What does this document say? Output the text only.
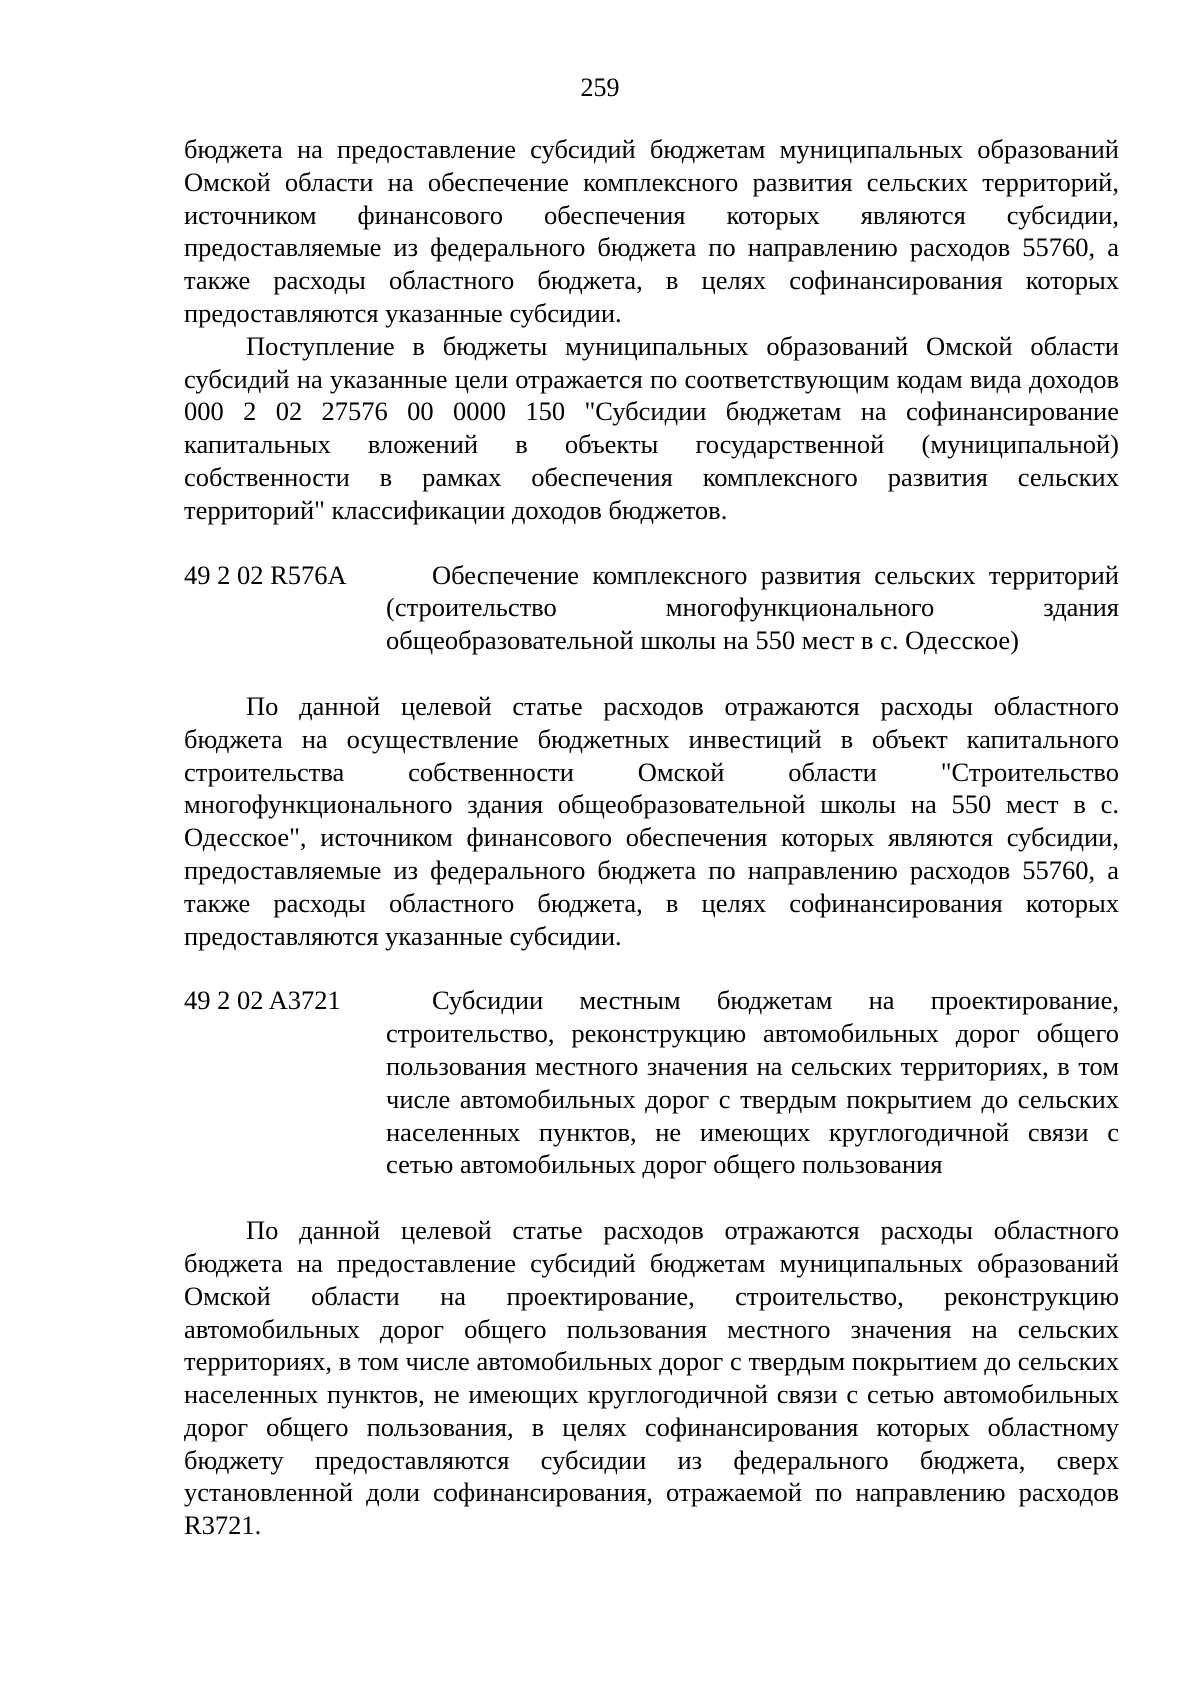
259

бюджета на предоставление субсидий бюджетам муниципальных образований Омской области на обеспечение комплексного развития сельских территорий, источником финансового обеспечения которых являются субсидии, предоставляемые из федерального бюджета по направлению расходов 55760, а также расходы областного бюджета, в целях софинансирования которых предоставляются указанные субсидии.

Поступление в бюджеты муниципальных образований Омской области субсидий на указанные цели отражается по соответствующим кодам вида доходов 000 2 02 27576 00 0000 150 "Субсидии бюджетам на софинансирование капитальных вложений в объекты государственной (муниципальной) собственности в рамках обеспечения комплексного развития сельских территорий" классификации доходов бюджетов.

49 2 02 R576A	Обеспечение комплексного развития сельских территорий (строительство многофункционального здания общеобразовательной школы на 550 мест в с. Одесское)

По данной целевой статье расходов отражаются расходы областного бюджета на осуществление бюджетных инвестиций в объект капитального строительства собственности Омской области "Строительство многофункционального здания общеобразовательной школы на 550 мест в с. Одесское", источником финансового обеспечения которых являются субсидии, предоставляемые из федерального бюджета по направлению расходов 55760, а также расходы областного бюджета, в целях софинансирования которых предоставляются указанные субсидии.

49 2 02 A3721	Субсидии местным бюджетам на проектирование, строительство, реконструкцию автомобильных дорог общего пользования местного значения на сельских территориях, в том числе автомобильных дорог с твердым покрытием до сельских населенных пунктов, не имеющих круглогодичной связи с сетью автомобильных дорог общего пользования

По данной целевой статье расходов отражаются расходы областного бюджета на предоставление субсидий бюджетам муниципальных образований Омской области на проектирование, строительство, реконструкцию автомобильных дорог общего пользования местного значения на сельских территориях, в том числе автомобильных дорог с твердым покрытием до сельских населенных пунктов, не имеющих круглогодичной связи с сетью автомобильных дорог общего пользования, в целях софинансирования которых областному бюджету предоставляются субсидии из федерального бюджета, сверх установленной доли софинансирования, отражаемой по направлению расходов R3721.
